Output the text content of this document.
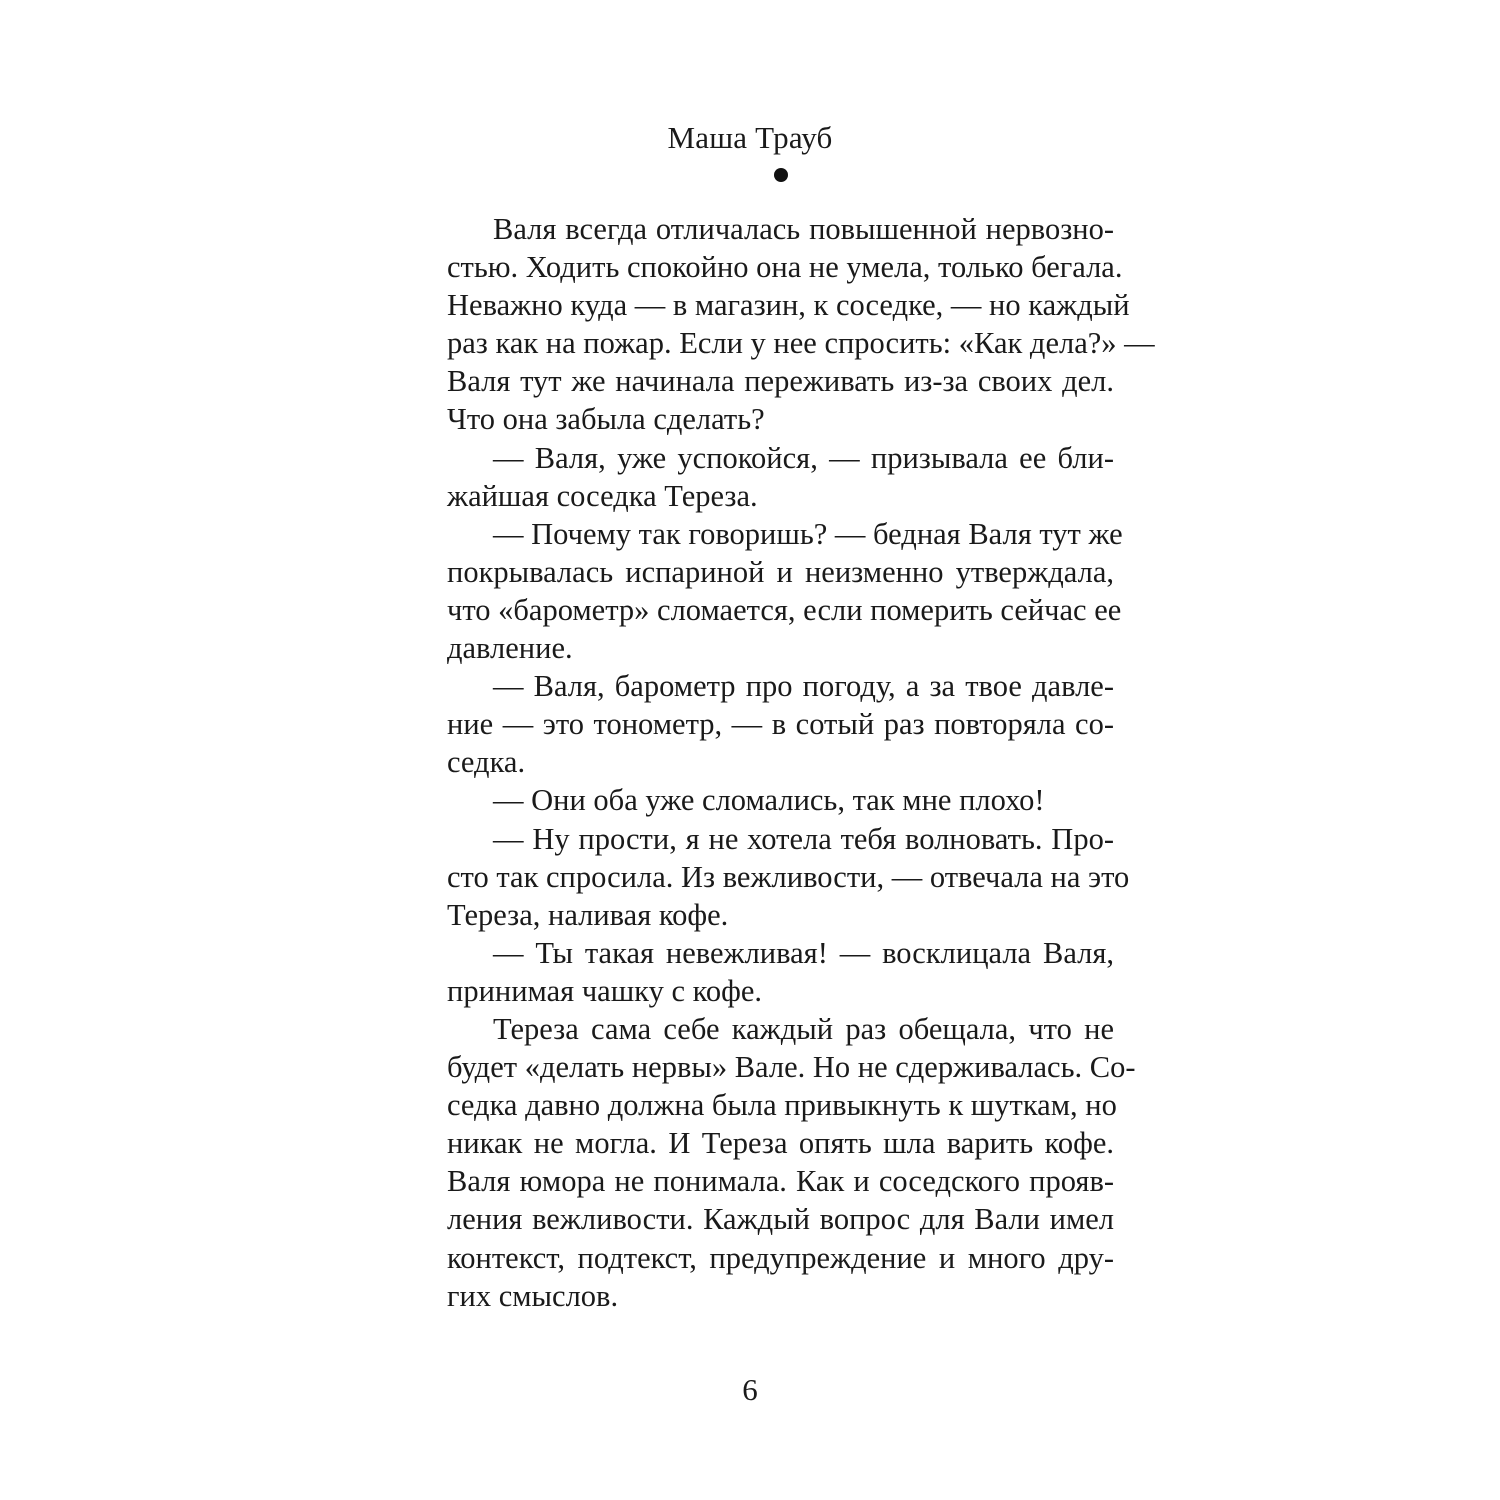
Маша Трауб
Валя всегда отличалась повышенной нервозно-
стью. Ходить спокойно она не умела, только бегала.
Неважно куда — в магазин, к соседке, — но каждый
раз как на пожар. Если у нее спросить: «Как дела?» —
Валя тут же начинала переживать из-за своих дел.
Что она забыла сделать?
— Валя, уже успокойся, — призывала ее бли-
жайшая соседка Тереза.
— Почему так говоришь? — бедная Валя тут же
покрывалась испариной и неизменно утверждала,
что «барометр» сломается, если померить сейчас ее
давление.
— Валя, барометр про погоду, а за твое давле-
ние — это тонометр, — в сотый раз повторяла со-
седка.
— Они оба уже сломались, так мне плохо!
— Ну прости, я не хотела тебя волновать. Про-
сто так спросила. Из вежливости, — отвечала на это
Тереза, наливая кофе.
— Ты такая невежливая! — восклицала Валя,
принимая чашку с кофе.
Тереза сама себе каждый раз обещала, что не
будет «делать нервы» Вале. Но не сдерживалась. Со-
седка давно должна была привыкнуть к шуткам, но
никак не могла. И Тереза опять шла варить кофе.
Валя юмора не понимала. Как и соседского прояв-
ления вежливости. Каждый вопрос для Вали имел
контекст, подтекст, предупреждение и много дру-
гих смыслов.
6
